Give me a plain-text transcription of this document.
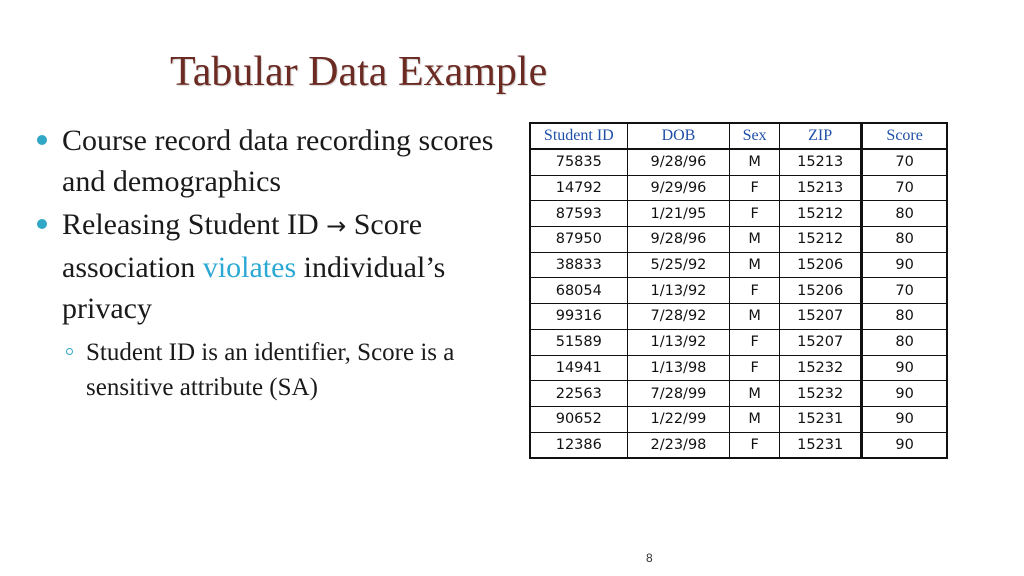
Tabular Data Example
Course record data recording scores and demographics
Releasing Student ID → Score association violates individual’s privacy
Student ID is an identifier, Score is a sensitive attribute (SA)
Student ID	DOB	Sex	ZIP	Score
75835	9/28/96	M	15213	70
14792	9/29/96	F	15213	70
87593	1/21/95	F	15212	80
87950	9/28/96	M	15212	80
38833	5/25/92	M	15206	90
68054	1/13/92	F	15206	70
99316	7/28/92	M	15207	80
51589	1/13/92	F	15207	80
14941	1/13/98	F	15232	90
22563	7/28/99	M	15232	90
90652	1/22/99	M	15231	90
12386	2/23/98	F	15231	90
8
